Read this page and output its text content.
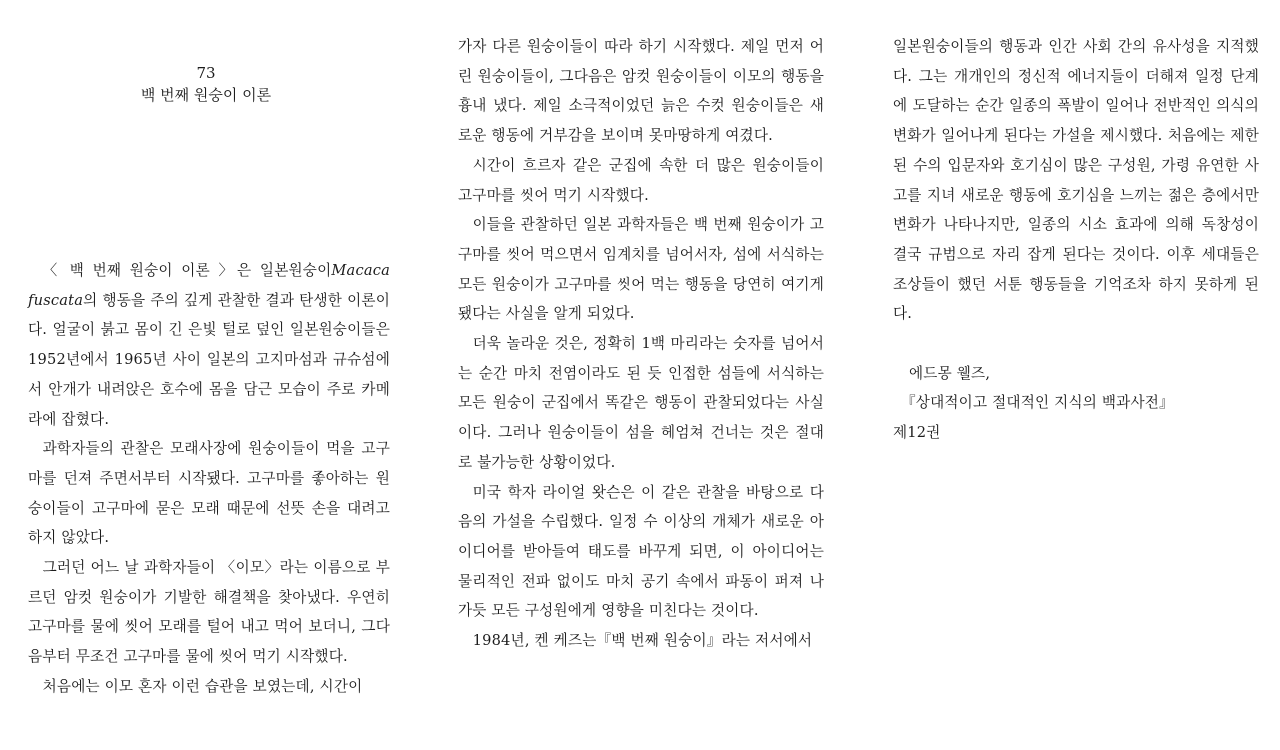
73
백 번째 원숭이 이론

〈 백 번째 원숭이 이론 〉은 일본원숭이Macaca fuscata의 행동을 주의 깊게 관찰한 결과 탄생한 이론이다. 얼굴이 붉고 몸이 긴 은빛 털로 덮인 일본원숭이들은 1952년에서 1965년 사이 일본의 고지마섬과 규슈섬에서 안개가 내려앉은 호수에 몸을 담근 모습이 주로 카메라에 잡혔다.

과학자들의 관찰은 모래사장에 원숭이들이 먹을 고구마를 던져 주면서부터 시작됐다. 고구마를 좋아하는 원숭이들이 고구마에 묻은 모래 때문에 선뜻 손을 대려고 하지 않았다.

그러던 어느 날 과학자들이 〈이모〉라는 이름으로 부르던 암컷 원숭이가 기발한 해결책을 찾아냈다. 우연히 고구마를 물에 씻어 모래를 털어 내고 먹어 보더니, 그다음부터 무조건 고구마를 물에 씻어 먹기 시작했다.

처음에는 이모 혼자 이런 습관을 보였는데, 시간이

가자 다른 원숭이들이 따라 하기 시작했다. 제일 먼저 어린 원숭이들이, 그다음은 암컷 원숭이들이 이모의 행동을 흉내 냈다. 제일 소극적이었던 늙은 수컷 원숭이들은 새로운 행동에 거부감을 보이며 못마땅하게 여겼다.

시간이 흐르자 같은 군집에 속한 더 많은 원숭이들이 고구마를 씻어 먹기 시작했다.

이들을 관찰하던 일본 과학자들은 백 번째 원숭이가 고구마를 씻어 먹으면서 임계치를 넘어서자, 섬에 서식하는 모든 원숭이가 고구마를 씻어 먹는 행동을 당연히 여기게 됐다는 사실을 알게 되었다.

더욱 놀라운 것은, 정확히 1백 마리라는 숫자를 넘어서는 순간 마치 전염이라도 된 듯 인접한 섬들에 서식하는 모든 원숭이 군집에서 똑같은 행동이 관찰되었다는 사실이다. 그러나 원숭이들이 섬을 헤엄쳐 건너는 것은 절대로 불가능한 상황이었다.

미국 학자 라이얼 왓슨은 이 같은 관찰을 바탕으로 다음의 가설을 수립했다. 일정 수 이상의 개체가 새로운 아이디어를 받아들여 태도를 바꾸게 되면, 이 아이디어는 물리적인 전파 없이도 마치 공기 속에서 파동이 퍼져 나가듯 모든 구성원에게 영향을 미친다는 것이다.

1984년, 켄 케즈는『백 번째 원숭이』라는 저서에서

일본원숭이들의 행동과 인간 사회 간의 유사성을 지적했다. 그는 개개인의 정신적 에너지들이 더해져 일정 단계에 도달하는 순간 일종의 폭발이 일어나 전반적인 의식의 변화가 일어나게 된다는 가설을 제시했다. 처음에는 제한된 수의 입문자와 호기심이 많은 구성원, 가령 유연한 사고를 지녀 새로운 행동에 호기심을 느끼는 젊은 층에서만 변화가 나타나지만, 일종의 시소 효과에 의해 독창성이 결국 규범으로 자리 잡게 된다는 것이다. 이후 세대들은 조상들이 했던 서툰 행동들을 기억조차 하지 못하게 된다.

에드몽 웰즈,
『상대적이고 절대적인 지식의 백과사전』
제12권
